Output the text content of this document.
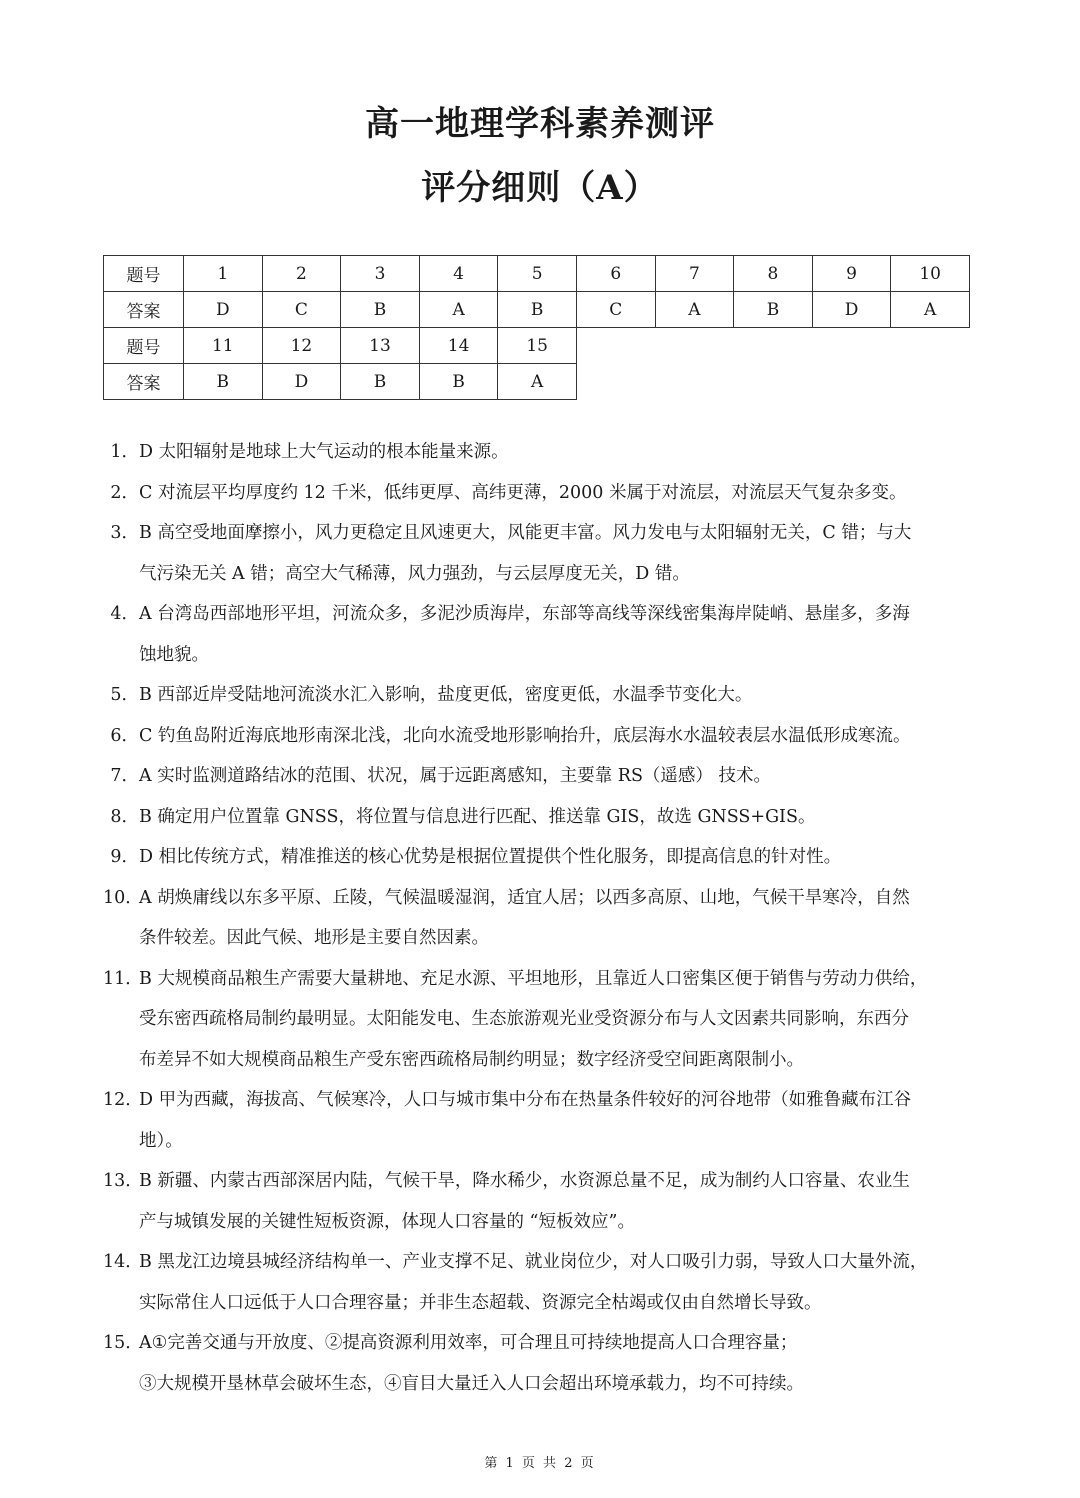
高一地理学科素养测评
评分细则（A）
题号	1	2	3	4	5	6	7	8	9	10
答案	D	C	B	A	B	C	A	B	D	A
题号	11	12	13	14	15					
答案	B	D	B	B	A					
1． D 太阳辐射是地球上大气运动的根本能量来源。
2． C 对流层平均厚度约 12 千米，低纬更厚、高纬更薄，2000 米属于对流层，对流层天气复杂多变。
3． B 高空受地面摩擦小，风力更稳定且风速更大，风能更丰富。风力发电与太阳辐射无关，C 错；与大
气污染无关 A 错；高空大气稀薄，风力强劲，与云层厚度无关，D 错。
4． A 台湾岛西部地形平坦，河流众多，多泥沙质海岸，东部等高线等深线密集海岸陡峭、悬崖多，多海
蚀地貌。
5． B 西部近岸受陆地河流淡水汇入影响，盐度更低，密度更低，水温季节变化大。
6． C 钓鱼岛附近海底地形南深北浅，北向水流受地形影响抬升，底层海水水温较表层水温低形成寒流。
7． A 实时监测道路结冰的范围、状况，属于远距离感知，主要靠 RS（遥感） 技术。
8． B 确定用户位置靠 GNSS，将位置与信息进行匹配、推送靠 GIS，故选 GNSS+GIS。
9． D 相比传统方式，精准推送的核心优势是根据位置提供个性化服务，即提高信息的针对性。
10．
A 胡焕庸线以东多平原、丘陵，气候温暖湿润，适宜人居；以西多高原、山地，气候干旱寒冷，自然
条件较差。因此气候、地形是主要自然因素。
11．
B 大规模商品粮生产需要大量耕地、充足水源、平坦地形，且靠近人口密集区便于销售与劳动力供给，
受东密西疏格局制约最明显。太阳能发电、生态旅游观光业受资源分布与人文因素共同影响，东西分
布差异不如大规模商品粮生产受东密西疏格局制约明显；数字经济受空间距离限制小。
12．
D 甲为西藏，海拔高、气候寒冷，人口与城市集中分布在热量条件较好的河谷地带（如雅鲁藏布江谷
地）。
13．
B 新疆、内蒙古西部深居内陆，气候干旱，降水稀少，水资源总量不足，成为制约人口容量、农业生
产与城镇发展的关键性短板资源，体现人口容量的 “短板效应”。
14．
B 黑龙江边境县城经济结构单一、产业支撑不足、就业岗位少，对人口吸引力弱，导致人口大量外流，
实际常住人口远低于人口合理容量；并非生态超载、资源完全枯竭或仅由自然增长导致。
15．
A①完善交通与开放度、②提高资源利用效率，可合理且可持续地提高人口合理容量；
③大规模开垦林草会破坏生态，④盲目大量迁入人口会超出环境承载力，均不可持续。
第 1 页 共 2 页
